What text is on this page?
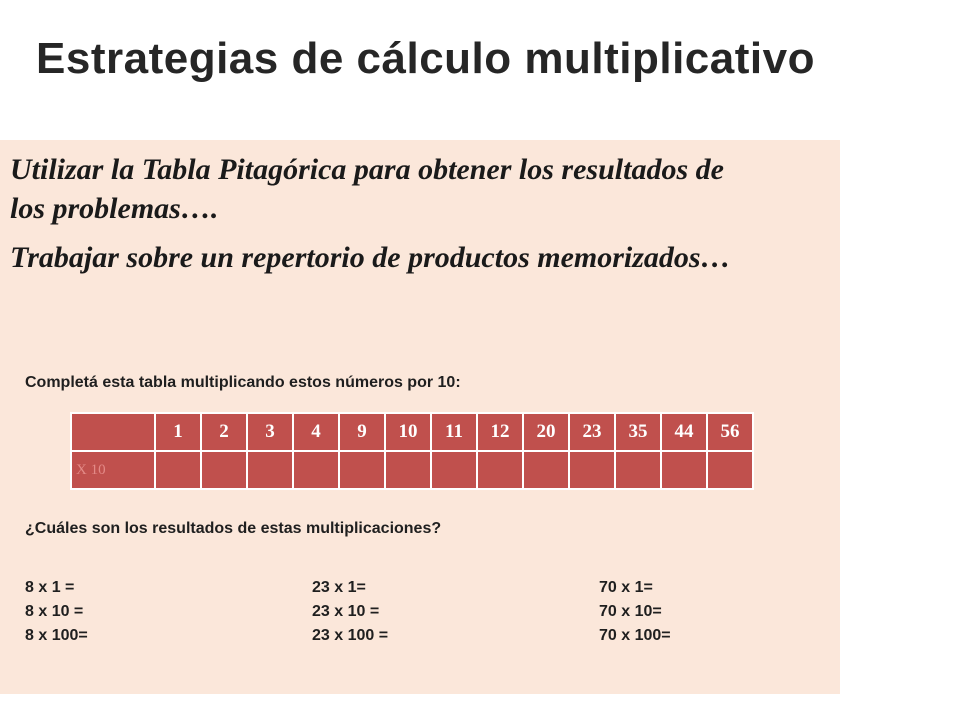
Estrategias de cálculo multiplicativo

Utilizar la Tabla Pitagórica para obtener los resultados de los problemas….

Trabajar sobre un repertorio de productos memorizados…

Completá esta tabla multiplicando estos números por 10:
	1	2	3	4	9	10	11	12	20	23	35	44	56
X 10													
¿Cuáles son los resultados de estas multiplicaciones?
8 x 1 =
8 x 10 =
8 x 100=
23 x 1=
23 x 10 =
23 x 100 =
70 x 1=
70 x 10=
70 x 100=
